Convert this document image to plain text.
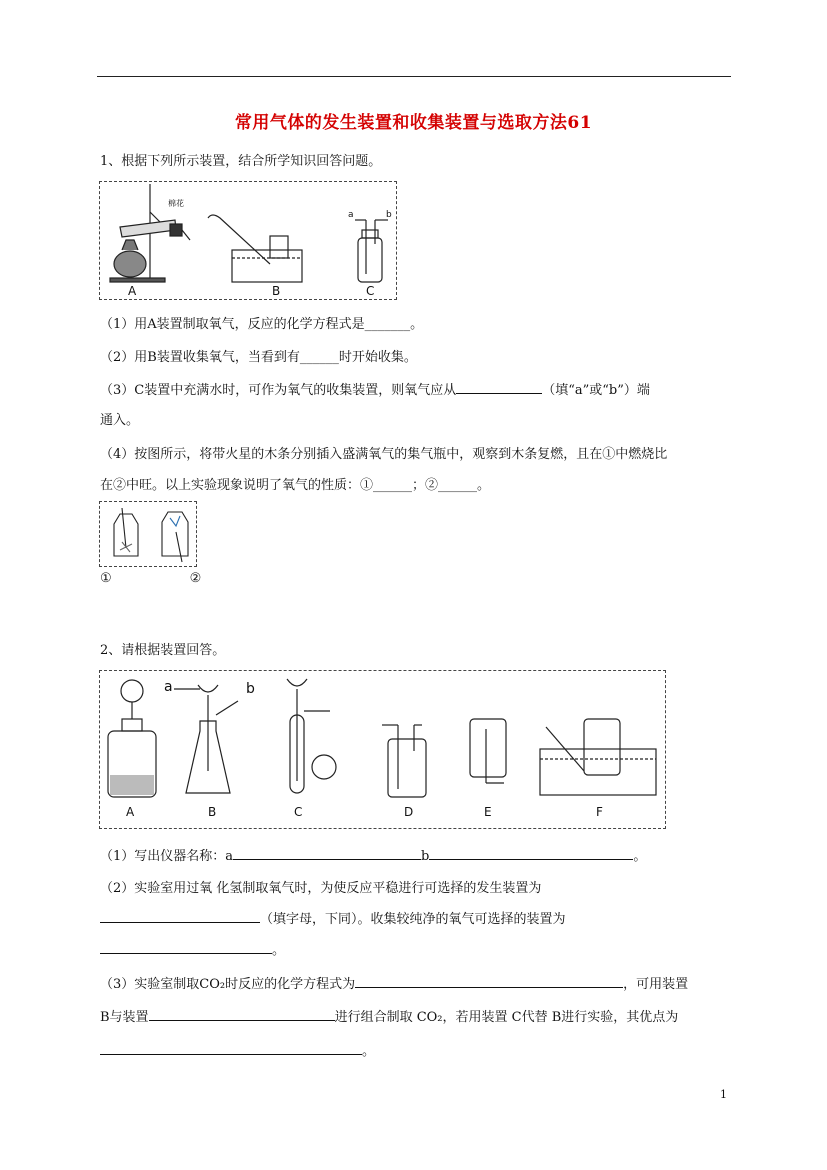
常用气体的发生装置和收集装置与选取方法61
1、根据下列所示装置，结合所学知识回答问题。
A	B	C
棉花
a	b
（1）用A装置制取氧气，反应的化学方程式是_______。
（2）用B装置收集氧气，当看到有______时开始收集。
（3）C装置中充满水时，可作为氧气的收集装置，则氧气应从	（填“a”或“b”）端
通入。
（4）按图所示，将带火星的木条分别插入盛满氧气的集气瓶中，观察到木条复燃，且在①中燃烧比
在②中旺。以上实验现象说明了氧气的性质：①______；②______。
①	②
2、请根据装置回答。
A	B	C	D	E	F
a	b
（1）写出仪器名称：a	b	。
（2）实验室用过氧 化氢制取氧气时，为使反应平稳进行可选择的发生装置为
（填字母，下同）。收集较纯净的氧气可选择的装置为
。
（3）实验室制取CO₂时反应的化学方程式为	，可用装置
B与装置	进行组合制取 CO₂，若用装置 C代替 B进行实验，其优点为
。
1
